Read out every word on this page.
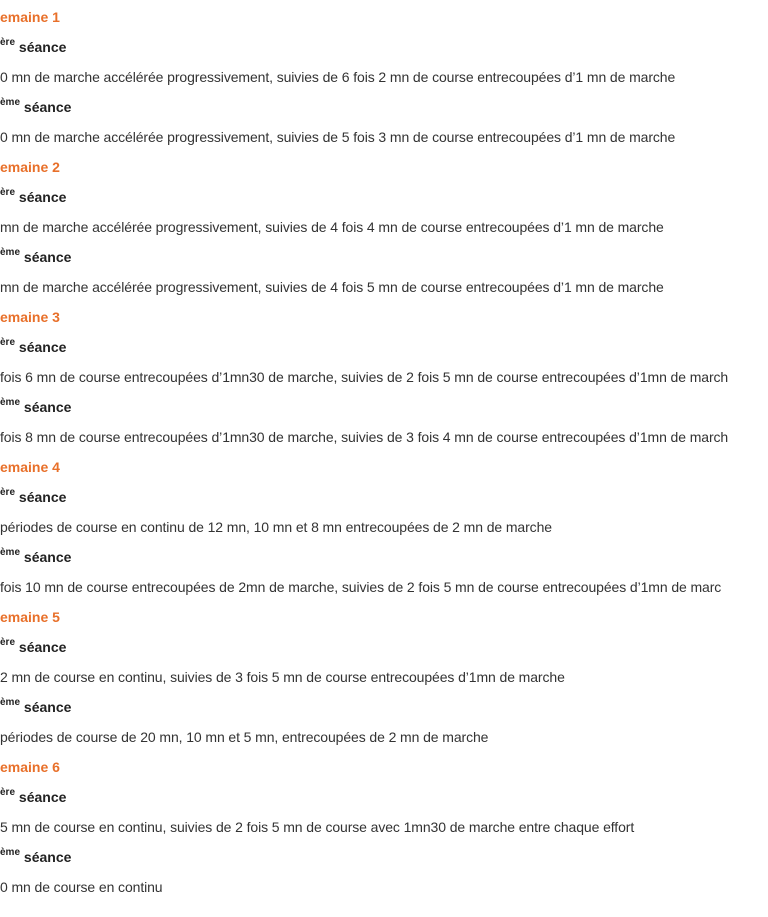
emaine 1
$^{ère}$ séance
0 mn de marche accélérée progressivement, suivies de 6 fois 2 mn de course entrecoupées d’1 mn de marche
$^{ème}$ séance
0 mn de marche accélérée progressivement, suivies de 5 fois 3 mn de course entrecoupées d’1 mn de marche
emaine 2
$^{ère}$ séance
mn de marche accélérée progressivement, suivies de 4 fois 4 mn de course entrecoupées d’1 mn de marche
$^{ème}$ séance
mn de marche accélérée progressivement, suivies de 4 fois 5 mn de course entrecoupées d’1 mn de marche
emaine 3
$^{ère}$ séance
fois 6 mn de course entrecoupées d’1mn30 de marche, suivies de 2 fois 5 mn de course entrecoupées d’1mn de march
$^{ème}$ séance
fois 8 mn de course entrecoupées d’1mn30 de marche, suivies de 3 fois 4 mn de course entrecoupées d’1mn de march
emaine 4
$^{ère}$ séance
périodes de course en continu de 12 mn, 10 mn et 8 mn entrecoupées de 2 mn de marche
$^{ème}$ séance
fois 10 mn de course entrecoupées de 2mn de marche, suivies de 2 fois 5 mn de course entrecoupées d’1mn de marc
emaine 5
$^{ère}$ séance
2 mn de course en continu, suivies de 3 fois 5 mn de course entrecoupées d’1mn de marche
$^{ème}$ séance
périodes de course de 20 mn, 10 mn et 5 mn, entrecoupées de 2 mn de marche
emaine 6
$^{ère}$ séance
5 mn de course en continu, suivies de 2 fois 5 mn de course avec 1mn30 de marche entre chaque effort
$^{ème}$ séance
0 mn de course en continu
